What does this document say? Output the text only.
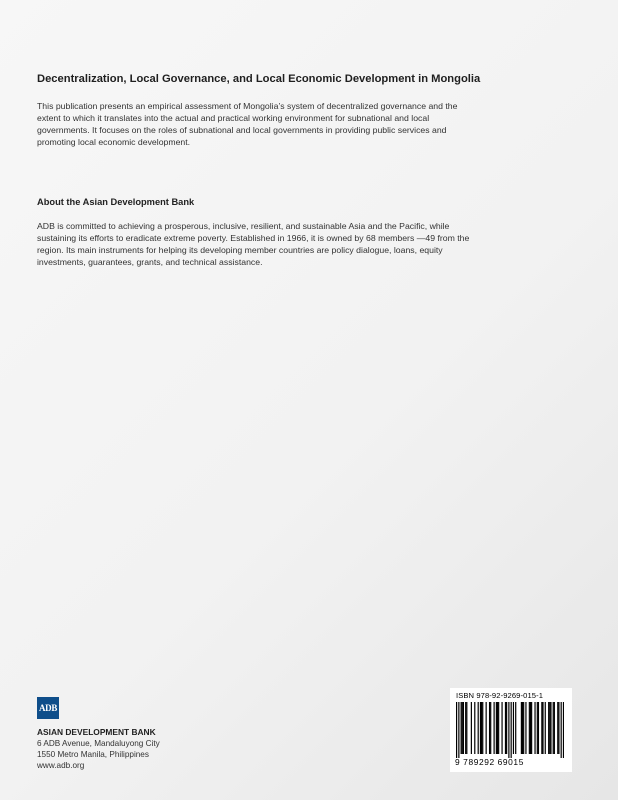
Decentralization, Local Governance, and Local Economic Development in Mongolia

This publication presents an empirical assessment of Mongolia’s system of decentralized governance and the extent to which it translates into the actual and practical working environment for subnational and local governments. It focuses on the roles of subnational and local governments in providing public services and promoting local economic development.

About the Asian Development Bank

ADB is committed to achieving a prosperous, inclusive, resilient, and sustainable Asia and the Pacific, while sustaining its efforts to eradicate extreme poverty. Established in 1966, it is owned by 68 members —49 from the region. Its main instruments for helping its developing member countries are policy dialogue, loans, equity investments, guarantees, grants, and technical assistance.

ADB
ASIAN DEVELOPMENT BANK
6 ADB Avenue, Mandaluyong City
1550 Metro Manila, Philippines
www.adb.org
ISBN 978-92-9269-015-1
9 789292 69015
